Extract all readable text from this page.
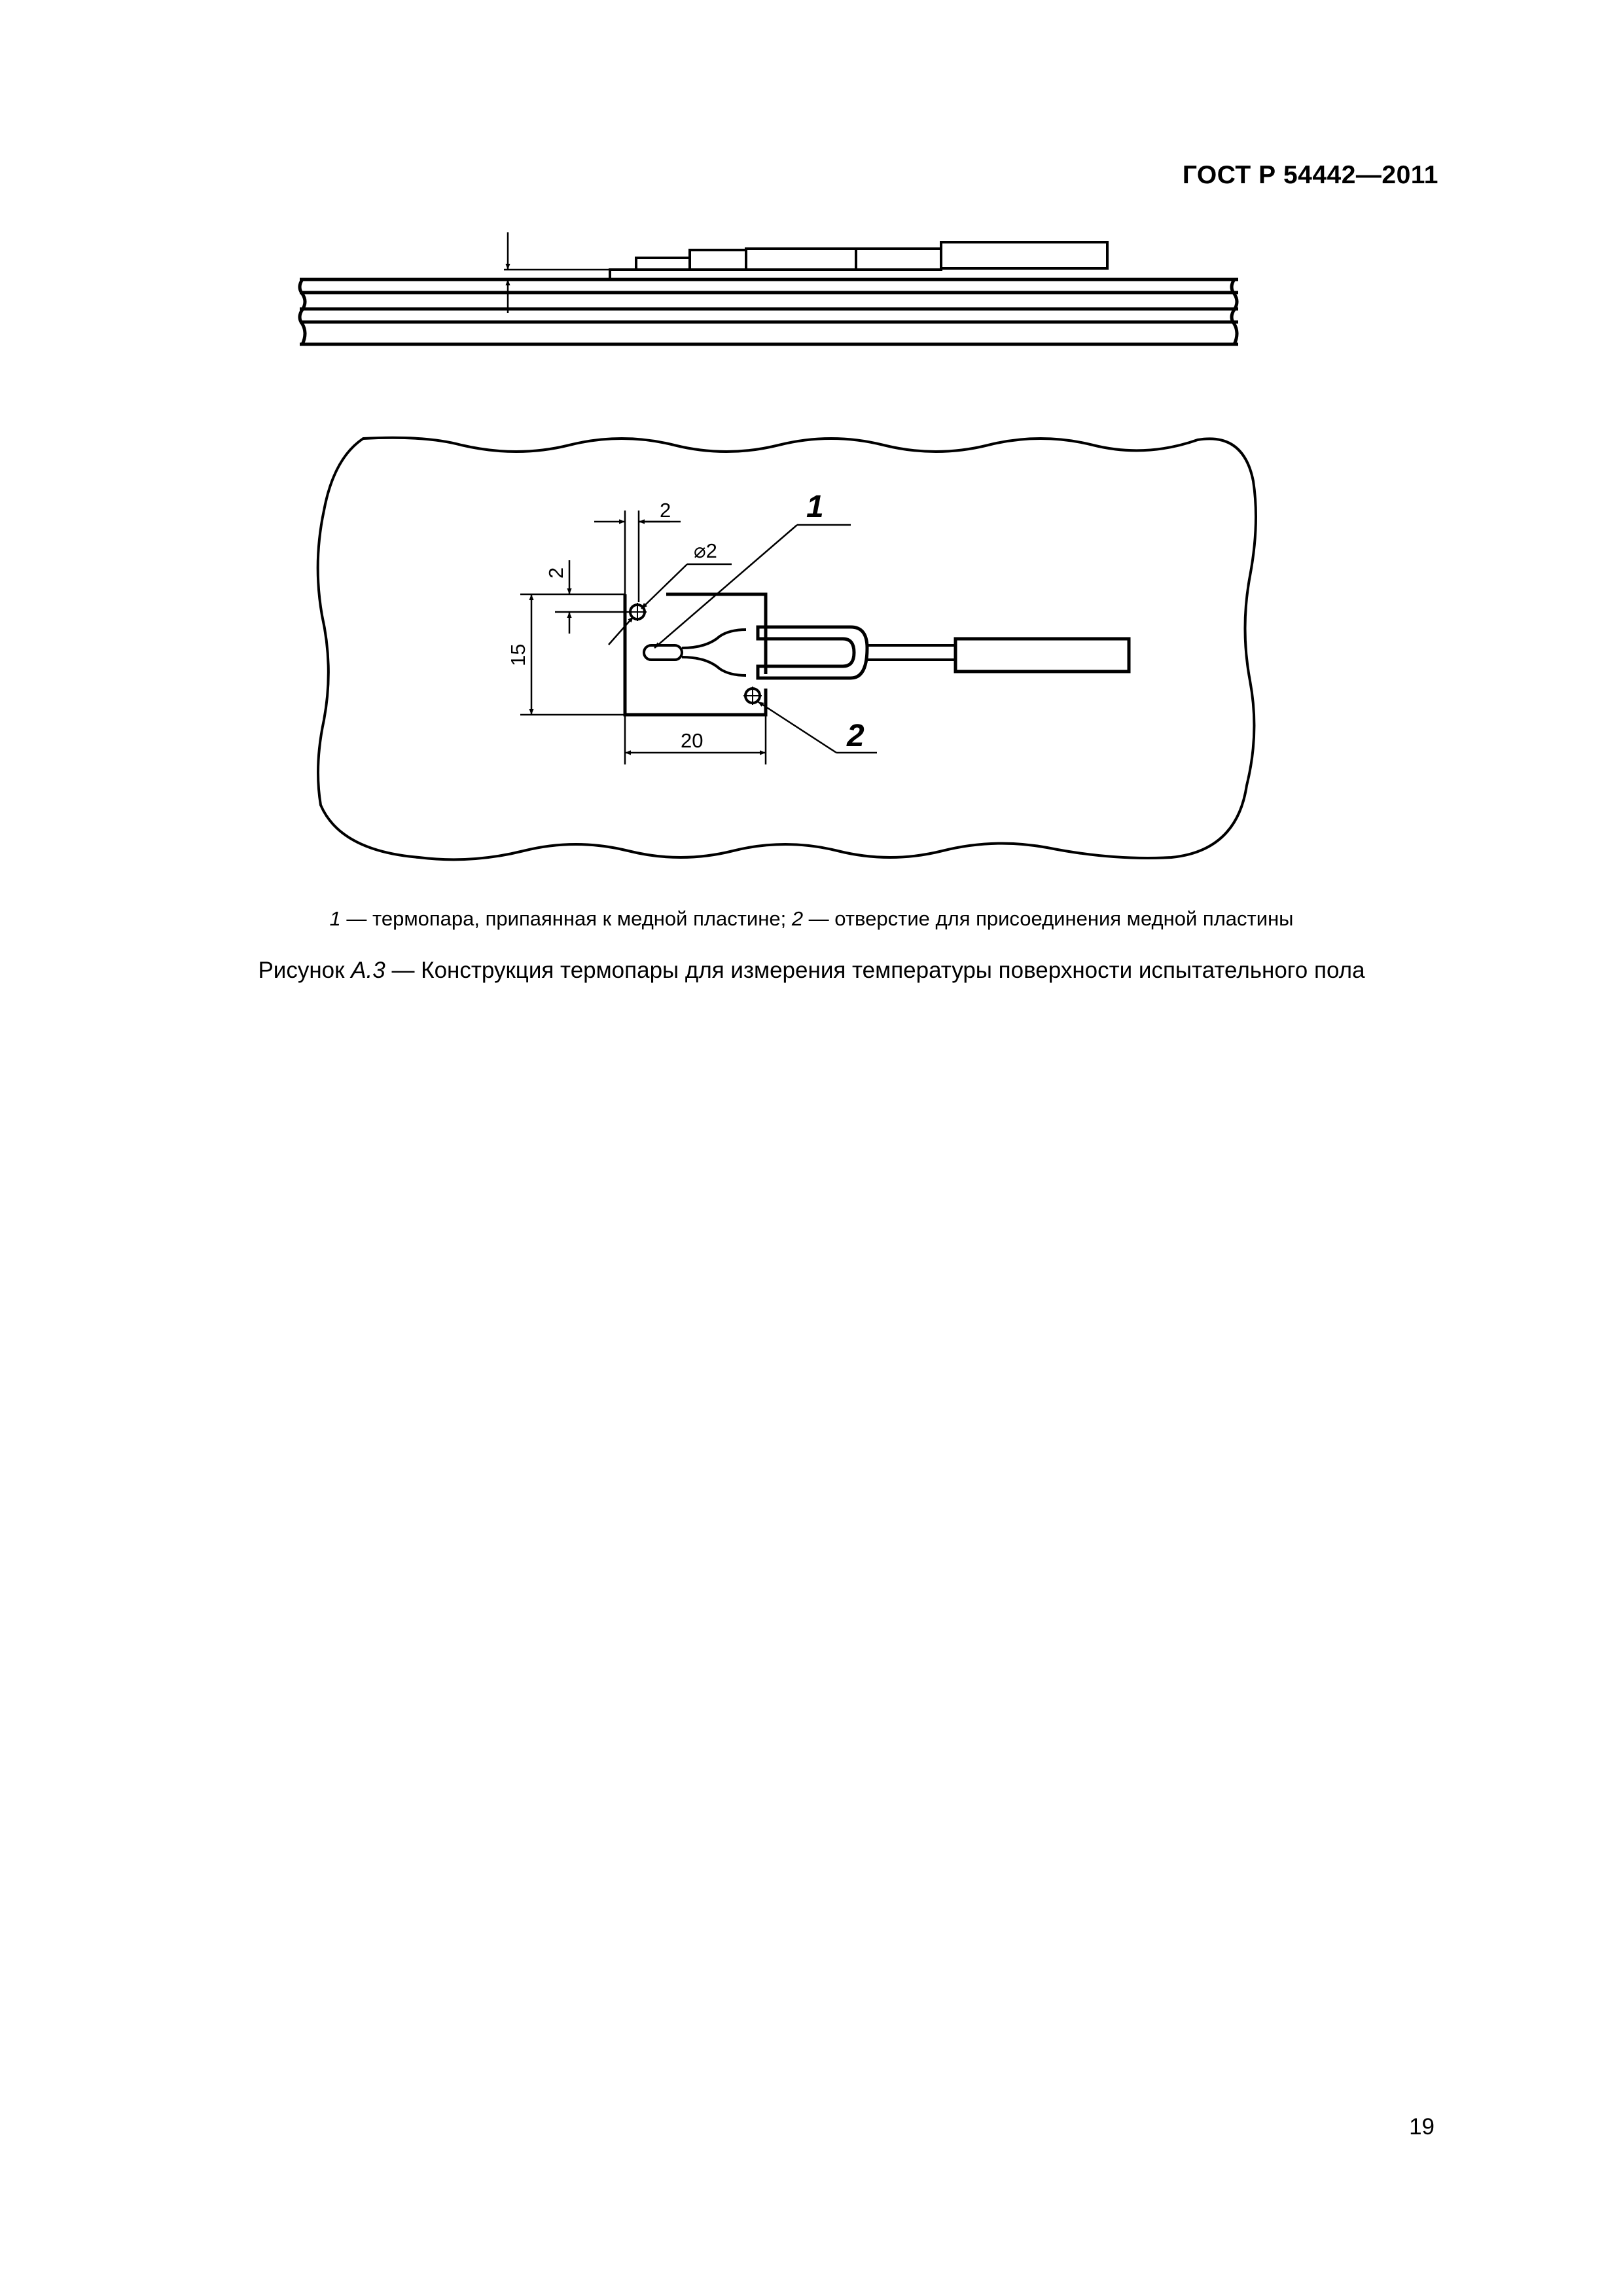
ГОСТ Р 54442—2011
2
2
⌀2
15
20
1
2
1 — термопара, припаянная к медной пластине; 2 — отверстие для присоединения медной пластины
Рисунок А.3 — Конструкция термопары для измерения температуры поверхности испытательного пола
19
